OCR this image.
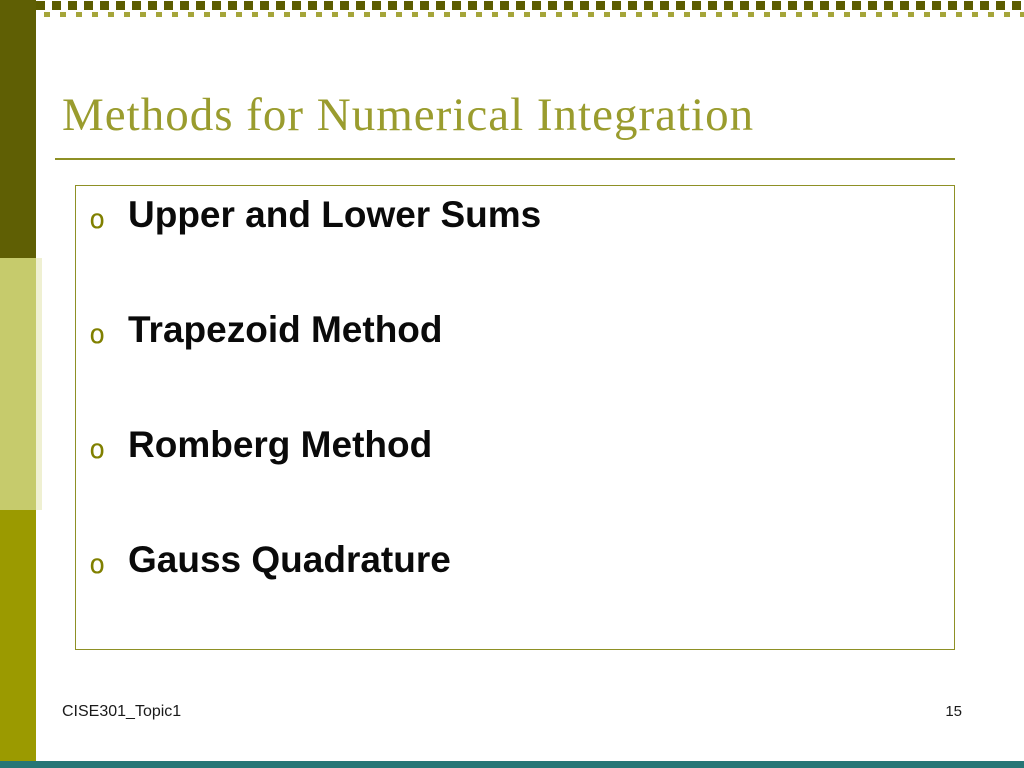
Methods for Numerical Integration
o Upper and Lower Sums
o Trapezoid Method
o Romberg Method
o Gauss Quadrature
CISE301_Topic1	15
